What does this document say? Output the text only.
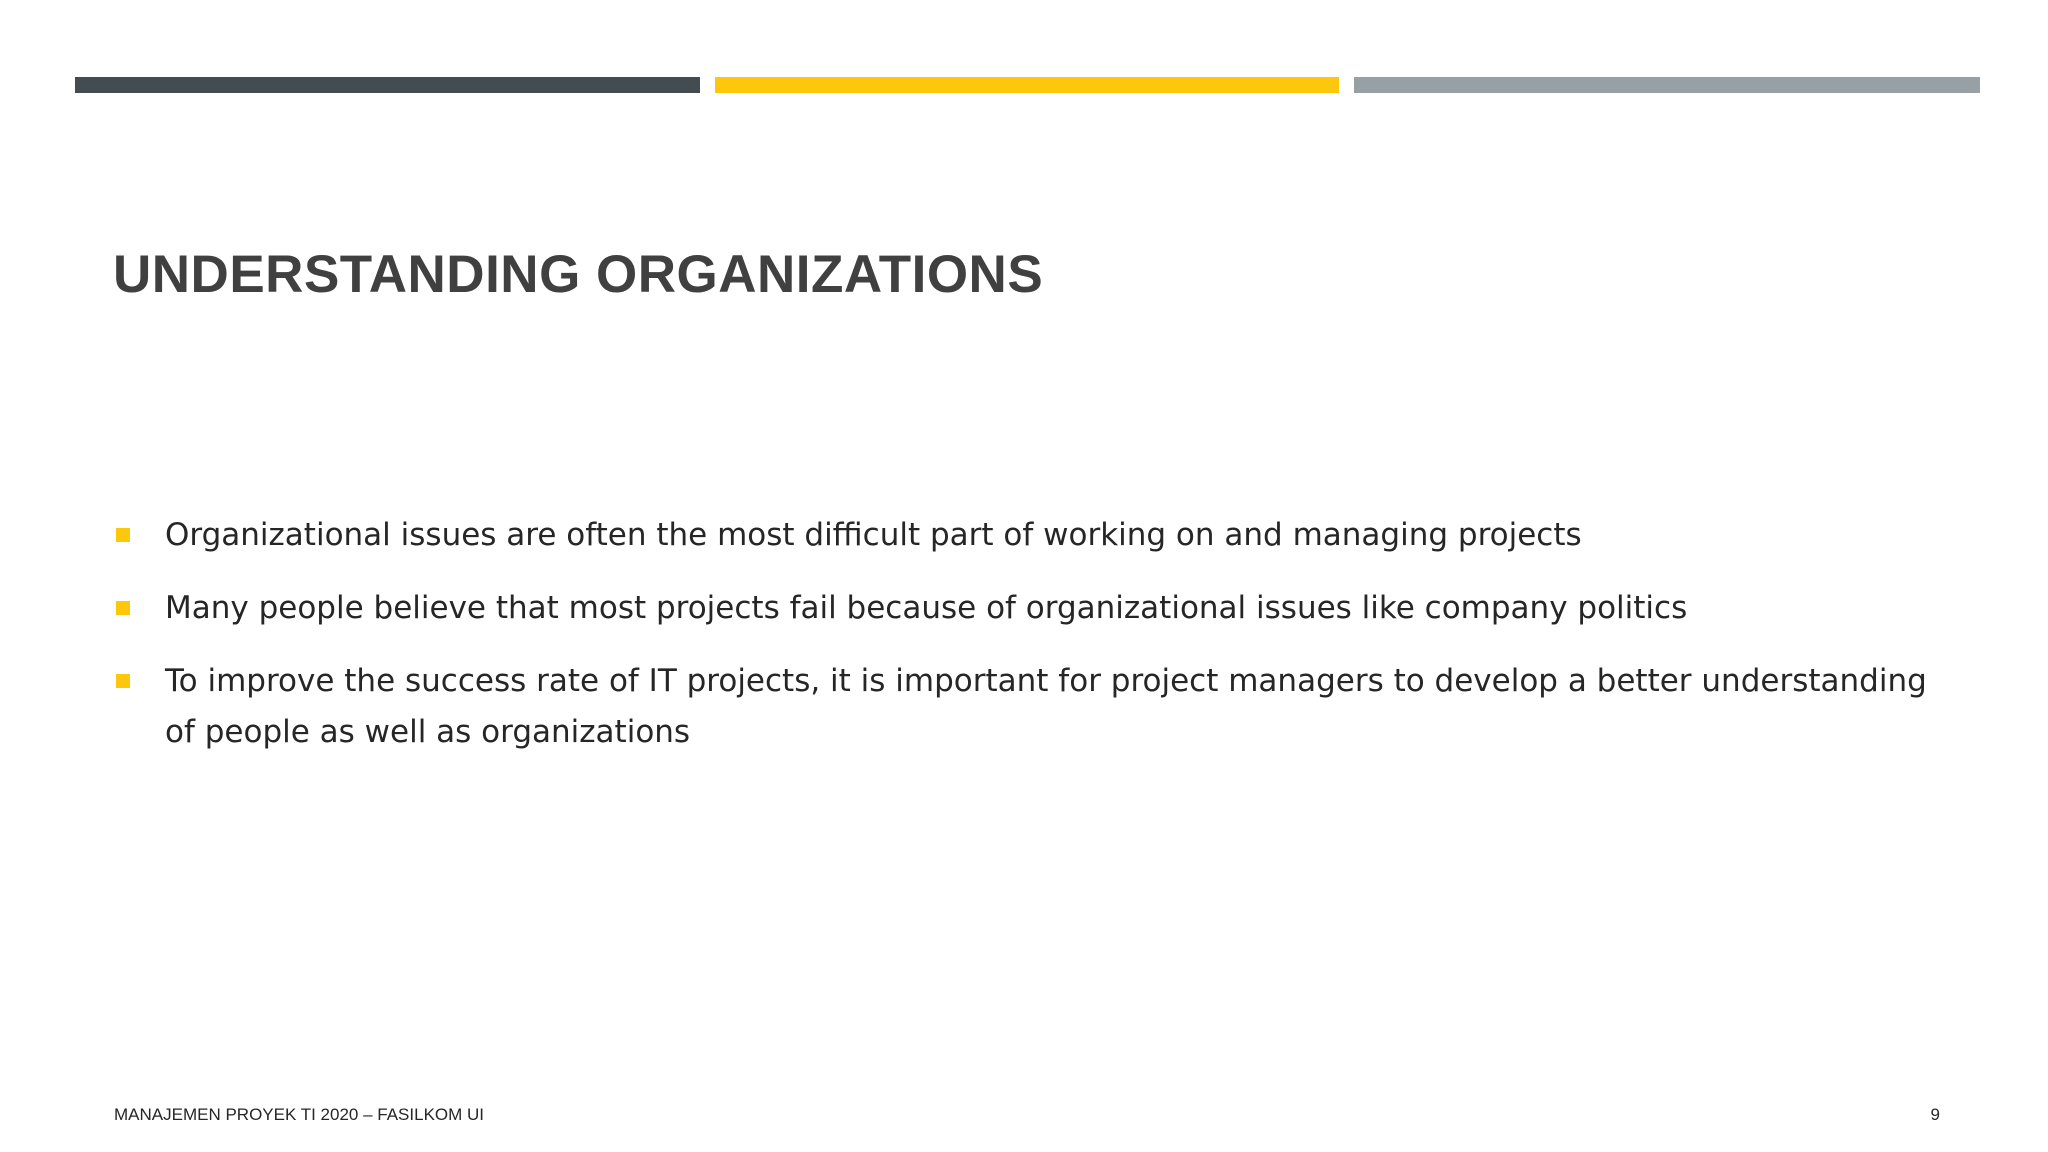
UNDERSTANDING ORGANIZATIONS
Organizational issues are often the most difficult part of working on and managing projects
Many people believe that most projects fail because of organizational issues like company politics
To improve the success rate of IT projects, it is important for project managers to develop a better understanding of people as well as organizations
MANAJEMEN PROYEK TI 2020 – FASILKOM UI	9
